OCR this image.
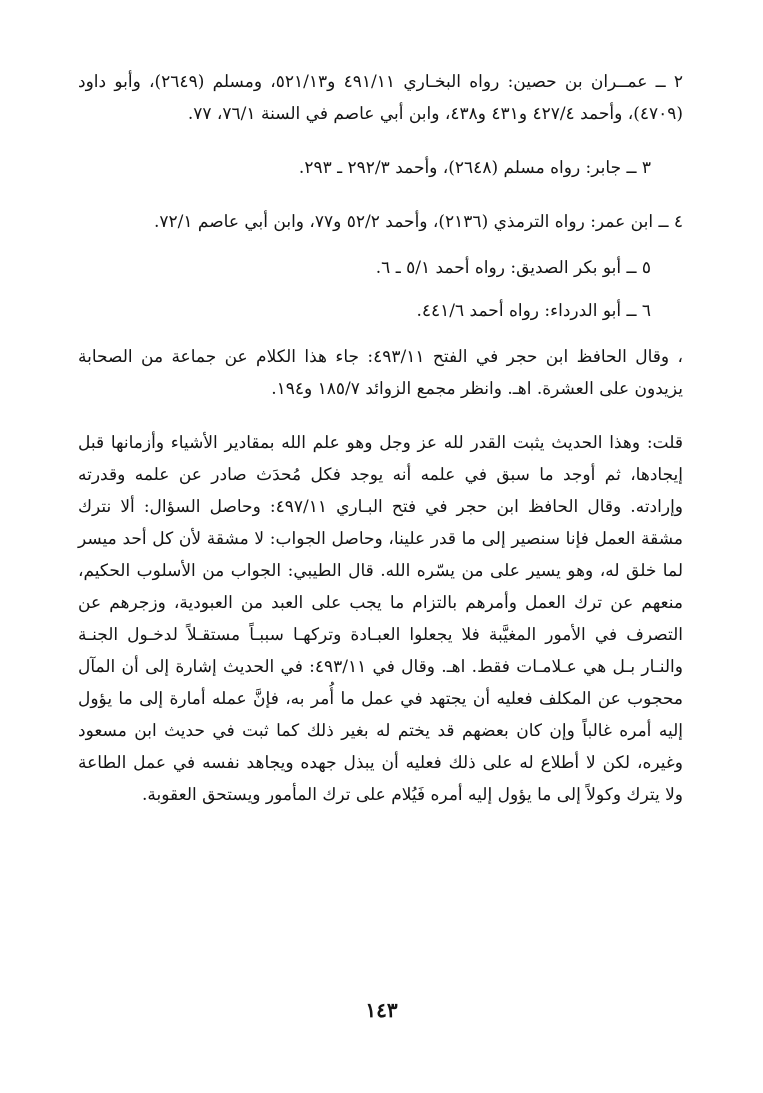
٢ ــ عمــران بن حصين: رواه البخـاري ٤٩١/١١ و٥٢١/١٣، ومسلم (٢٦٤٩)، وأبو داود (٤٧٠٩)، وأحمد ٤٢٧/٤ و٤٣١ و٤٣٨، وابن أبي عاصم في السنة ٧٦/١، ٧٧.

٣ ــ جابر: رواه مسلم (٢٦٤٨)، وأحمد ٢٩٢/٣ ـ ٢٩٣.

٤ ــ ابن عمر: رواه الترمذي (٢١٣٦)، وأحمد ٥٢/٢ و٧٧، وابن أبي عاصم ٧٢/١.

٥ ــ أبو بكر الصديق: رواه أحمد ٥/١ ـ ٦.

٦ ــ أبو الدرداء: رواه أحمد ٤٤١/٦.

، وقال الحافظ ابن حجر في الفتح ٤٩٣/١١: جاء هذا الكلام عن جماعة من الصحابة يزيدون على العشرة. اهـ. وانظر مجمع الزوائد ١٨٥/٧ و١٩٤.

قلت: وهذا الحديث يثبت القدر لله عز وجل وهو علم الله بمقادير الأشياء وأزمانها قبل إيجادها، ثم أوجد ما سبق في علمه أنه يوجد فكل مُحدَث صادر عن علمه وقدرته وإرادته. وقال الحافظ ابن حجر في فتح البـاري ٤٩٧/١١: وحاصل السؤال: ألا نترك مشقة العمل فإنا سنصير إلى ما قدر علينا، وحاصل الجواب: لا مشقة لأن كل أحد ميسر لما خلق له، وهو يسير على من يسّره الله. قال الطيبي: الجواب من الأسلوب الحكيم، منعهم عن ترك العمل وأمرهم بالتزام ما يجب على العبد من العبودية، وزجرهم عن التصرف في الأمور المغيَّبة فلا يجعلوا العبـادة وتركهـا سببـاً مستقـلاً لدخـول الجنـة والنـار بـل هي عـلامـات فقط. اهـ. وقال في ٤٩٣/١١: في الحديث إشارة إلى أن المآل محجوب عن المكلف فعليه أن يجتهد في عمل ما أُمر به، فإنَّ عمله أمارة إلى ما يؤول إليه أمره غالباً وإن كان بعضهم قد يختم له بغير ذلك كما ثبت في حديث ابن مسعود وغيره، لكن لا أطلاع له على ذلك فعليه أن يبذل جهده ويجاهد نفسه في عمل الطاعة ولا يترك وكولاً إلى ما يؤول إليه أمره فَيُلام على ترك المأمور ويستحق العقوبة.

١٤٣
